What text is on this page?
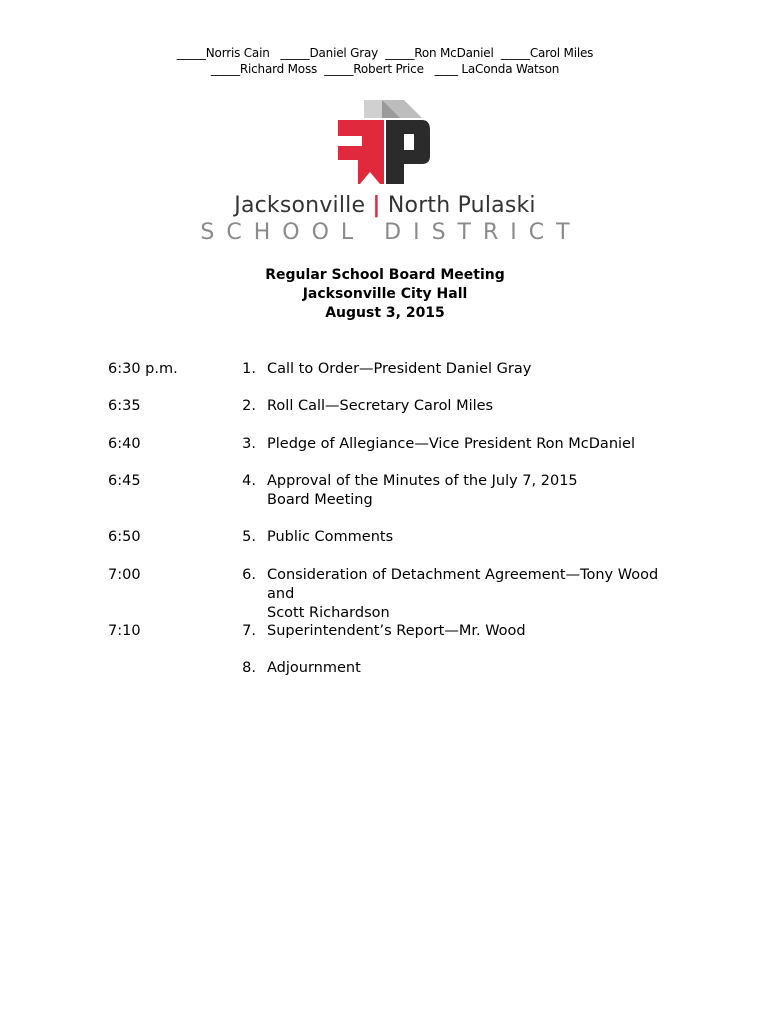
_____Norris Cain   _____Daniel Gray  _____Ron McDaniel  _____Carol Miles
_____Richard Moss  _____Robert Price   ____ LaConda Watson
Jacksonville | North Pulaski
SCHOOL DISTRICT
Regular School Board Meeting
Jacksonville City Hall
August 3, 2015
6:30 p.m.	1. Call to Order—President Daniel Gray
6:35	2. Roll Call—Secretary Carol Miles
6:40	3. Pledge of Allegiance—Vice President Ron McDaniel
6:45	4. Approval of the Minutes of the July 7, 2015
Board Meeting
6:50	5. Public Comments
7:00	6. Consideration of Detachment Agreement—Tony Wood and
Scott Richardson
7:10	7. Superintendent’s Report—Mr. Wood
8. Adjournment
